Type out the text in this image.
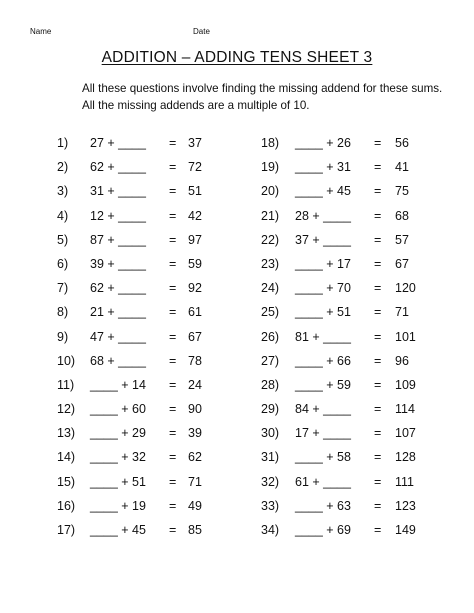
Name	Date
ADDITION – ADDING TENS SHEET 3
All these questions involve finding the missing addend for these sums.
All the missing addends are a multiple of 10.
1) 27 + ____ = 37
2) 62 + ____ = 72
3) 31 + ____ = 51
4) 12 + ____ = 42
5) 87 + ____ = 97
6) 39 + ____ = 59
7) 62 + ____ = 92
8) 21 + ____ = 61
9) 47 + ____ = 67
10) 68 + ____ = 78
11) ____ + 14 = 24
12) ____ + 60 = 90
13) ____ + 29 = 39
14) ____ + 32 = 62
15) ____ + 51 = 71
16) ____ + 19 = 49
17) ____ + 45 = 85
18) ____ + 26 = 56
19) ____ + 31 = 41
20) ____ + 45 = 75
21) 28 + ____ = 68
22) 37 + ____ = 57
23) ____ + 17 = 67
24) ____ + 70 = 120
25) ____ + 51 = 71
26) 81 + ____ = 101
27) ____ + 66 = 96
28) ____ + 59 = 109
29) 84 + ____ = 114
30) 17 + ____ = 107
31) ____ + 58 = 128
32) 61 + ____ = 111
33) ____ + 63 = 123
34) ____ + 69 = 149
